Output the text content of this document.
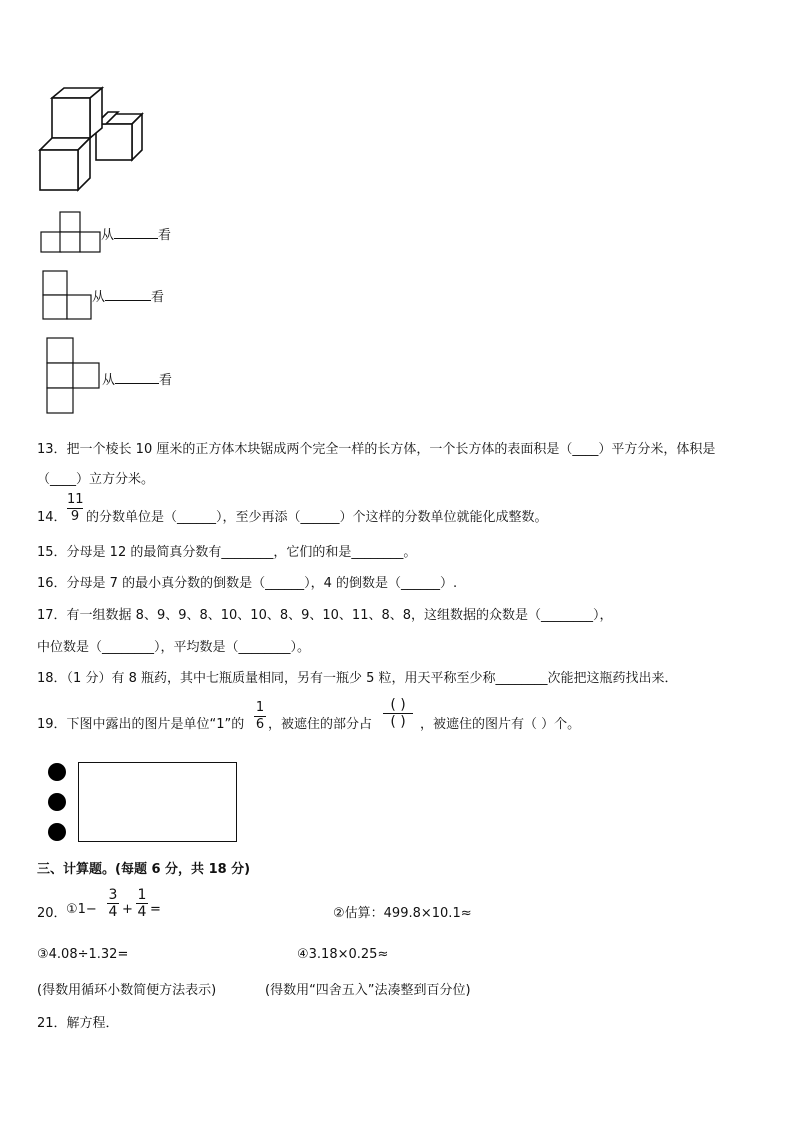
从	看
从	看
从	看
13．把一个棱长 10 厘米的正方体木块锯成两个完全一样的长方体，一个长方体的表面积是（____）平方分米，体积是
（____）立方分米。
14．
11
9 的分数单位是（______），至少再添（______）个这样的分数单位就能化成整数。
15．分母是 12 的最简真分数有________，它们的和是________。
16．分母是 7 的最小真分数的倒数是（______），4 的倒数是（______）.
17．有一组数据 8、9、9、8、10、10、8、9、10、11、8、8，这组数据的众数是（________），
中位数是（________），平均数是（________）。
18．（1 分）有 8 瓶药，其中七瓶质量相同，另有一瓶少 5 粒，用天平称至少称________次能把这瓶药找出来．
19．下图中露出的图片是单位“1”的
1
6 ，被遮住的部分占
( )
( )	，被遮住的图片有（ ）个。
三、计算题。(每题 6 分，共 18 分)
20． ①1−
3
4 +
1
4 =	②估算：499.8×10.1≈
③4.08÷1.32=	④3.18×0.25≈
(得数用循环小数简便方法表示)	(得数用“四舍五入”法凑整到百分位)
21．解方程．
